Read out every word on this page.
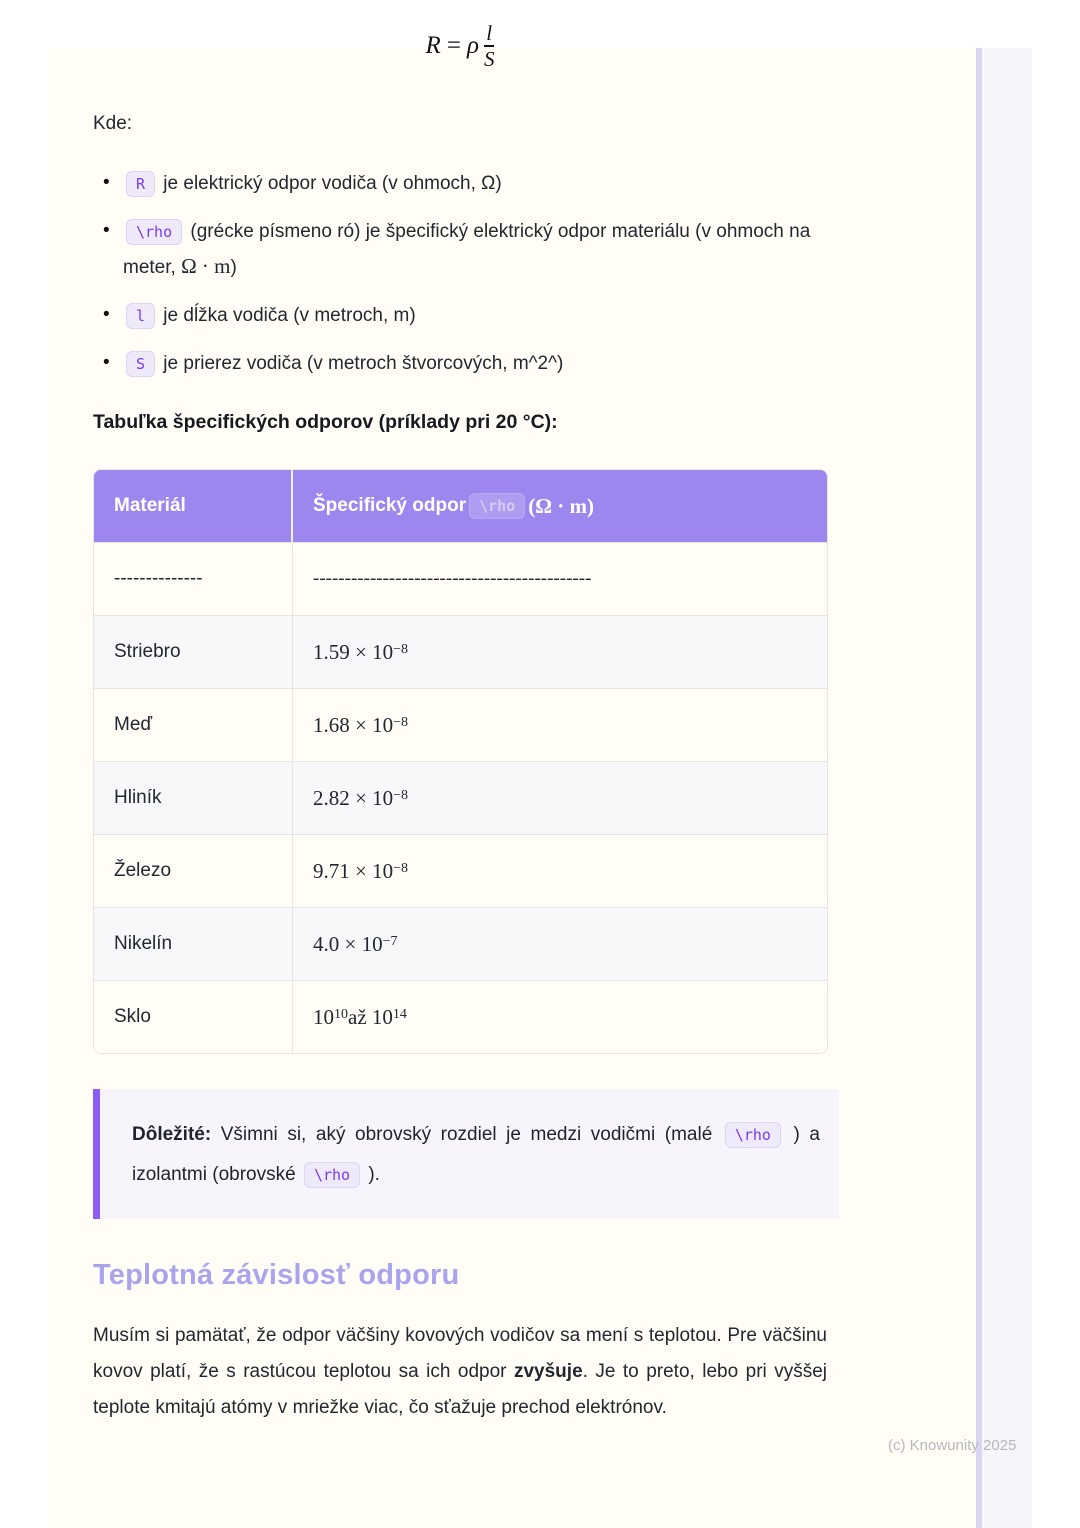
R = ρ $\frac{l}{S}$
Kde:
• R je elektrický odpor vodiča (v ohmoch, Ω)
• \rho (grécke písmeno ró) je špecifický elektrický odpor materiálu (v ohmoch na meter, Ω · m)
• l je dĺžka vodiča (v metroch, m)
• S je prierez vodiča (v metroch štvorcových, m^2^)
Tabuľka špecifických odporov (príklady pri 20 °C):
Materiál	Špecifický odpor \rho (Ω · m)
--------------	--------------------------------------------
Striebro	$1.59 \times 10^{-8}$
Meď	$1.68 \times 10^{-8}$
Hliník	$2.82 \times 10^{-8}$
Železo	$9.71 \times 10^{-8}$
Nikelín	$4.0 \times 10^{-7}$
Sklo	$10^{10}$ až $10^{14}$
Dôležité: Všimni si, aký obrovský rozdiel je medzi vodičmi (malé \rho ) a izolantmi (obrovské \rho ).
Teplotná závislosť odporu
Musím si pamätať, že odpor väčšiny kovových vodičov sa mení s teplotou. Pre väčšinu kovov platí, že s rastúcou teplotou sa ich odpor zvyšuje. Je to preto, lebo pri vyššej teplote kmitajú atómy v mriežke viac, čo sťažuje prechod elektrónov.
(c) Knowunity 2025
